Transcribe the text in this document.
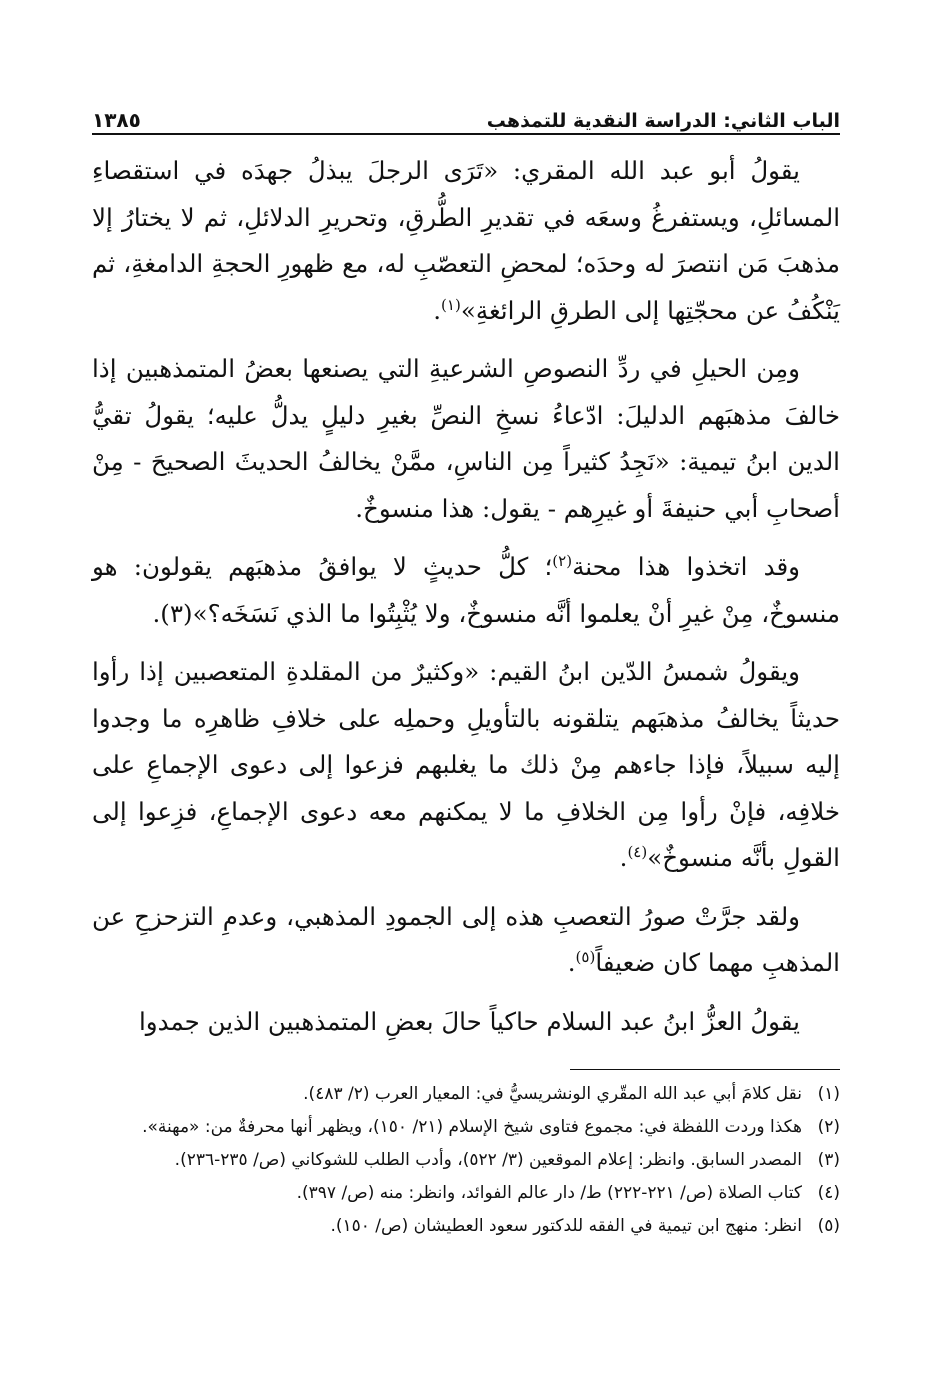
الباب الثاني: الدراسة النقدية للتمذهب
١٣٨٥

يقولُ أبو عبد الله المقري: «تَرَى الرجلَ يبذلُ جهدَه في استقصاءِ المسائلِ، ويستفرغُ وسعَه في تقديرِ الطُّرقِ، وتحريرِ الدلائلِ، ثم لا يختارُ إلا مذهبَ مَن انتصرَ له وحدَه؛ لمحضِ التعصّبِ له، مع ظهورِ الحجةِ الدامغةِ، ثم يَنْكُفُ عن محجّتِها إلى الطرقِ الرائغةِ»$^{(١)}$.

ومِن الحيلِ في ردِّ النصوصِ الشرعيةِ التي يصنعها بعضُ المتمذهبين إذا خالفَ مذهبَهم الدليلَ: ادّعاءُ نسخِ النصِّ بغيرِ دليلٍ يدلُّ عليه؛ يقولُ تقيُّ الدين ابنُ تيمية: «نَجِدُ كثيراً مِن الناسِ، ممَّنْ يخالفُ الحديثَ الصحيحَ - مِنْ أصحابِ أبي حنيفةَ أو غيرِهم - يقول: هذا منسوخٌ.

وقد اتخذوا هذا محنة$^{(٢)}$؛ كلُّ حديثٍ لا يوافقُ مذهبَهم يقولون: هو منسوخٌ، مِنْ غيرِ أنْ يعلموا أنَّه منسوخٌ، ولا يُثْبِتُوا ما الذي نَسَخَه؟»(٣).

ويقولُ شمسُ الدّين ابنُ القيم: «وكثيرٌ من المقلدةِ المتعصبين إذا رأوا حديثاً يخالفُ مذهبَهم يتلقونه بالتأويلِ وحملِه على خلافِ ظاهرِه ما وجدوا إليه سبيلاً، فإذا جاءهم مِنْ ذلك ما يغلبهم فزعوا إلى دعوى الإجماعِ على خلافِه، فإنْ رأوا مِن الخلافِ ما لا يمكنهم معه دعوى الإجماعِ، فزِعوا إلى القولِ بأنَّه منسوخٌ»$^{(٤)}$.

ولقد جرَّتْ صورُ التعصبِ هذه إلى الجمودِ المذهبي، وعدمِ التزحزحِ عن المذهبِ مهما كان ضعيفاً$^{(٥)}$.

يقولُ العزُّ ابنُ عبد السلام حاكياً حالَ بعضِ المتمذهبين الذين جمدوا

(١)
نقل كلامَ أبي عبد الله المقّري الونشريسيُّ في: المعيار العرب (٢/ ٤٨٣).
(٢)
هكذا وردت اللفظة في: مجموع فتاوى شيخ الإسلام (٢١/ ١٥٠)، ويظهر أنها محرفةٌ من: «مهنة».
(٣)
المصدر السابق. وانظر: إعلام الموقعين (٣/ ٥٢٢)، وأدب الطلب للشوكاني (ص/ ٢٣٥-٢٣٦).
(٤)
كتاب الصلاة (ص/ ٢٢١-٢٢٢) ط/ دار عالم الفوائد، وانظر: منه (ص/ ٣٩٧).
(٥)
انظر: منهج ابن تيمية في الفقه للدكتور سعود العطيشان (ص/ ١٥٠).
